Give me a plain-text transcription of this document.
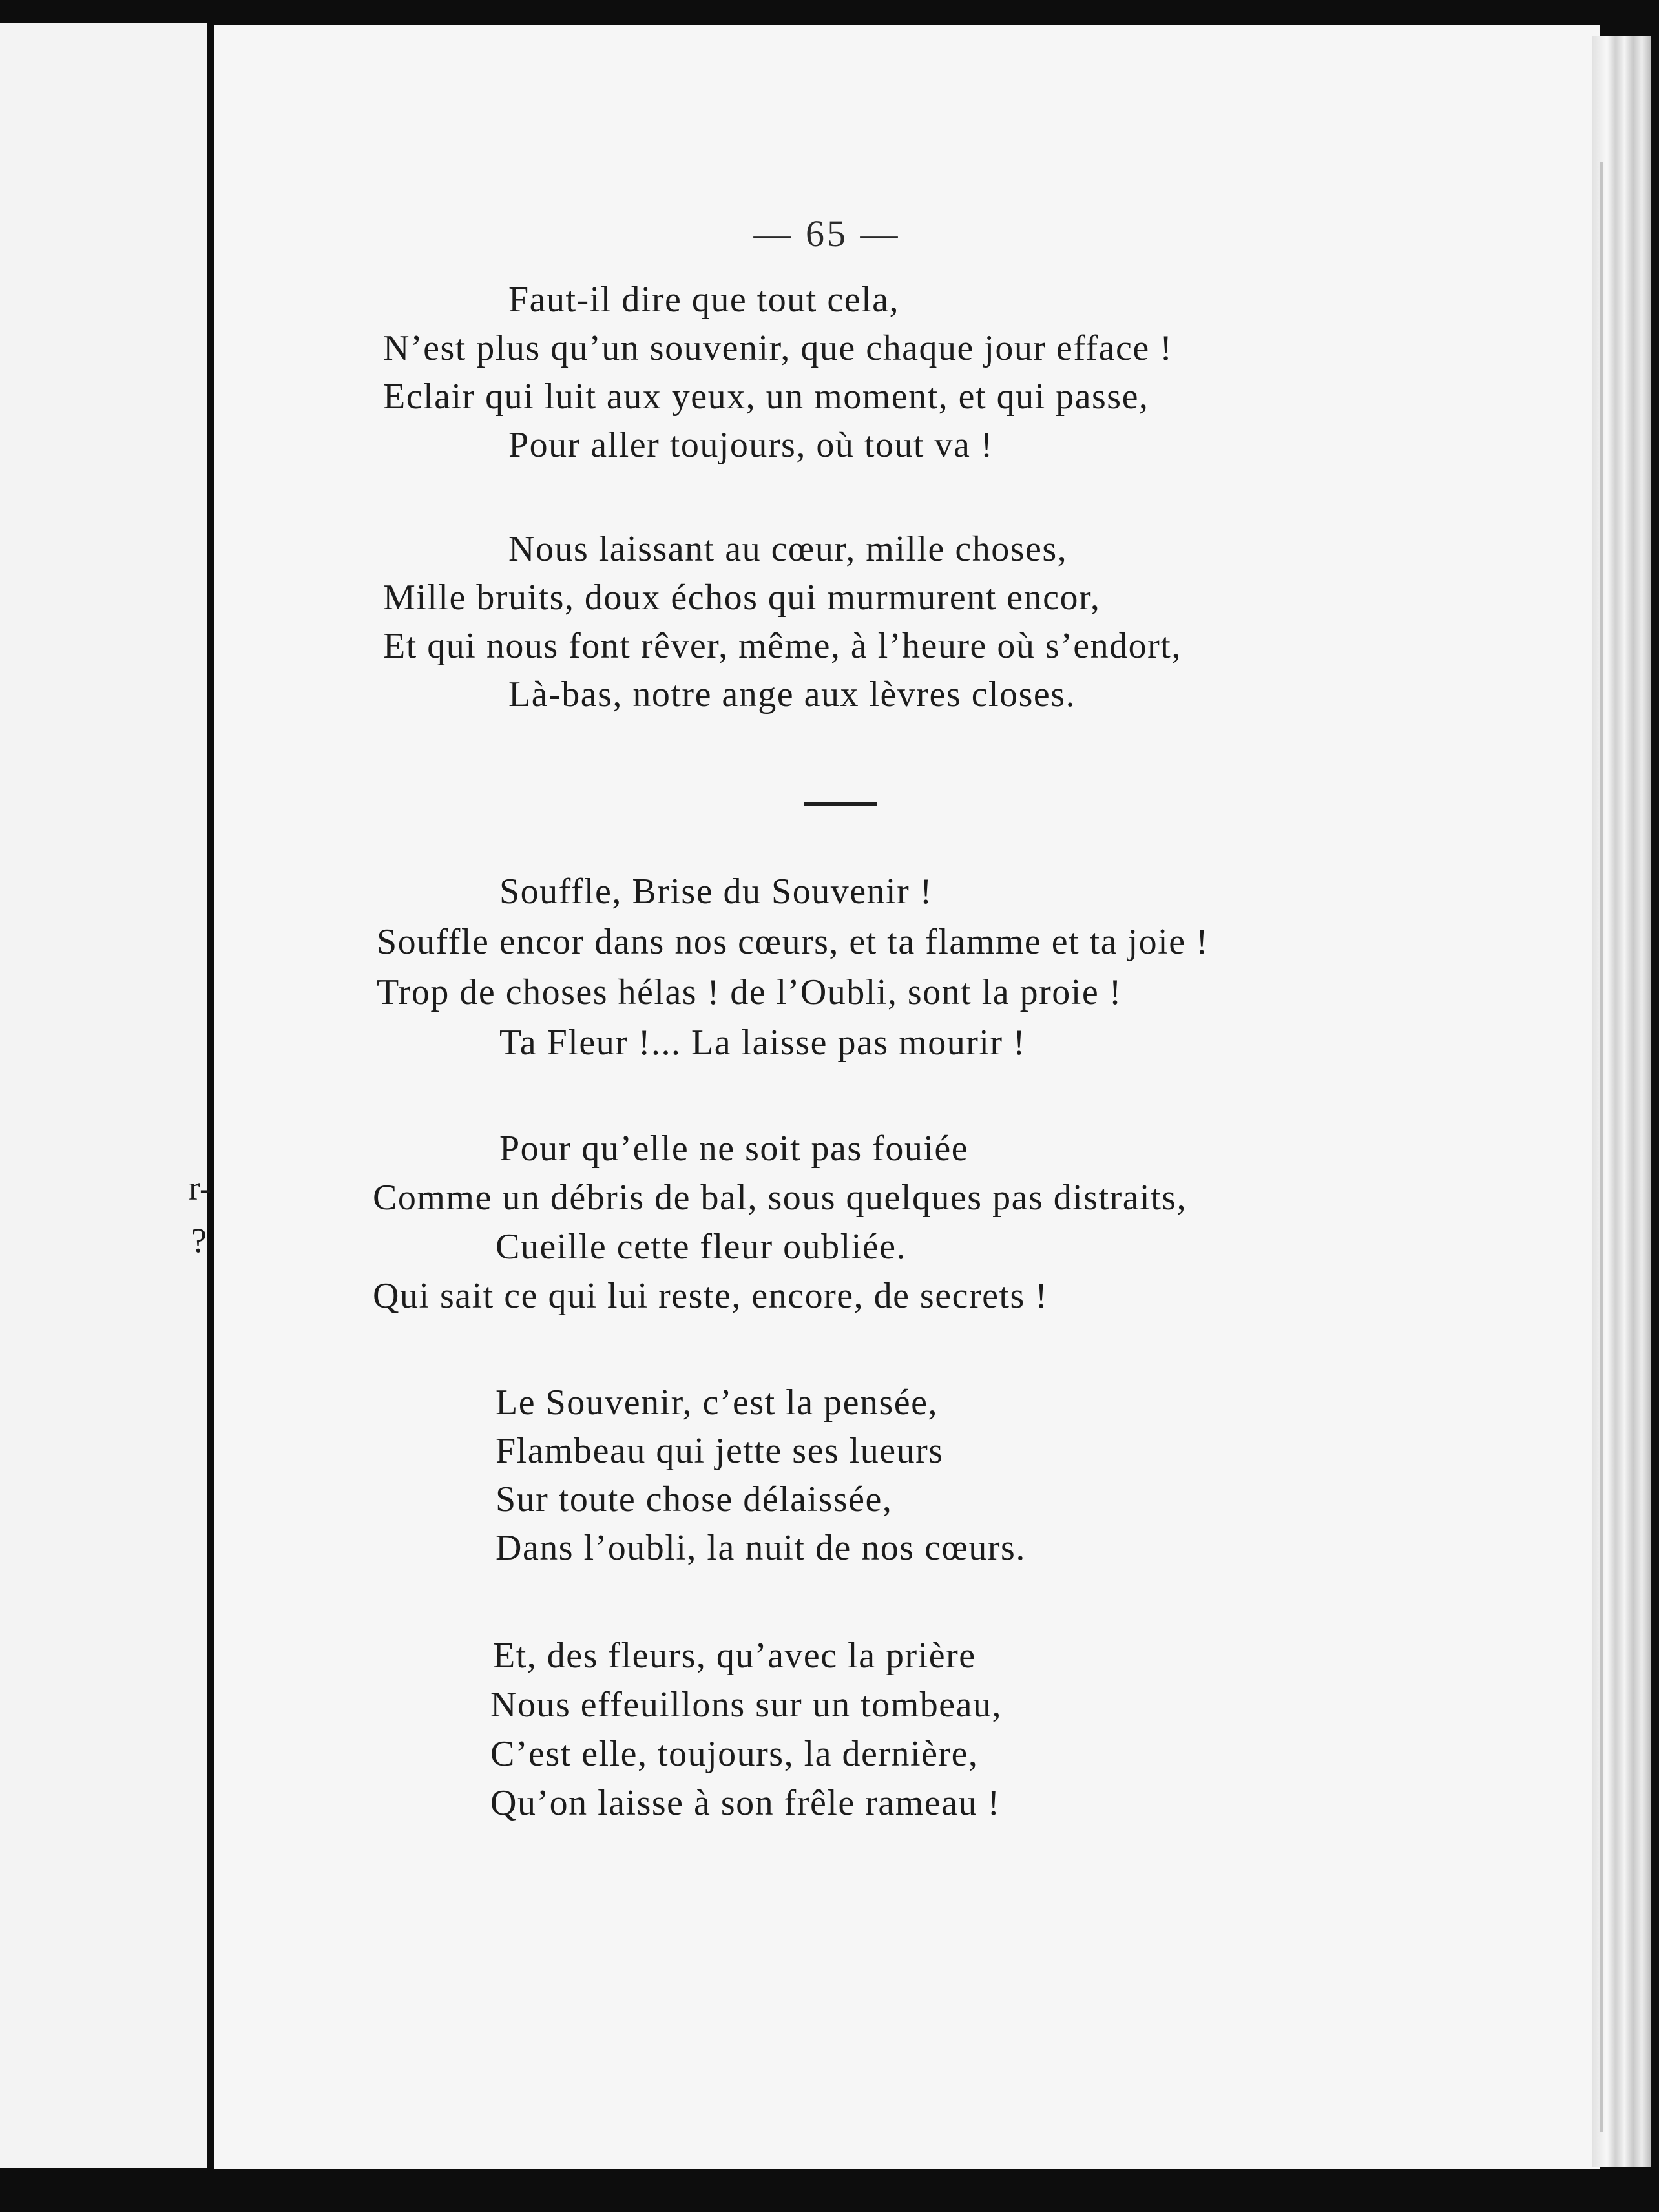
r-
?
— 65 —
Faut-il dire que tout cela,
N’est plus qu’un souvenir, que chaque jour efface !
Eclair qui luit aux yeux, un moment, et qui passe,
Pour aller toujours, où tout va !
Nous laissant au cœur, mille choses,
Mille bruits, doux échos qui murmurent encor,
Et qui nous font rêver, même, à l’heure où s’endort,
Là-bas, notre ange aux lèvres closes.
Souffle, Brise du Souvenir !
Souffle encor dans nos cœurs, et ta flamme et ta joie !
Trop de choses hélas ! de l’Oubli, sont la proie !
Ta Fleur !... La laisse pas mourir !
Pour qu’elle ne soit pas fouiée
Comme un débris de bal, sous quelques pas distraits,
Cueille cette fleur oubliée.
Qui sait ce qui lui reste, encore, de secrets !
Le Souvenir, c’est la pensée,
Flambeau qui jette ses lueurs
Sur toute chose délaissée,
Dans l’oubli, la nuit de nos cœurs.
Et, des fleurs, qu’avec la prière
Nous effeuillons sur un tombeau,
C’est elle, toujours, la dernière,
Qu’on laisse à son frêle rameau !
